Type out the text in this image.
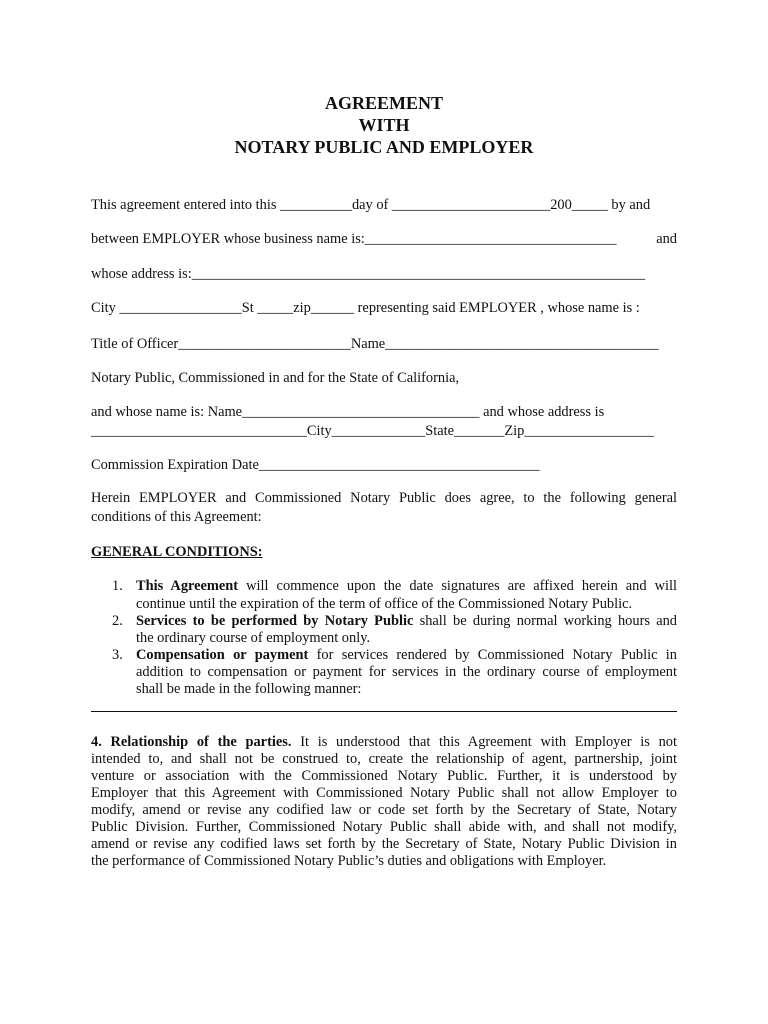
AGREEMENT
WITH
NOTARY PUBLIC AND EMPLOYER
This agreement entered into this __________day of ______________________200_____ by and
between EMPLOYER whose business name is:___________________________________	and
whose address is:_______________________________________________________________
City _________________St _____zip______ representing said EMPLOYER , whose name is :
Title of Officer________________________Name______________________________________
Notary Public, Commissioned in and for the State of California,
and whose name is: Name_________________________________ and whose address is
______________________________City_____________State_______Zip__________________
Commission Expiration Date_______________________________________
Herein EMPLOYER and Commissioned Notary Public does agree, to the following general
conditions of this Agreement:
GENERAL CONDITIONS:
1. This Agreement will commence upon the date signatures are affixed herein and will
continue until the expiration of the term of office of the Commissioned Notary Public.
2. Services to be performed by Notary Public shall be during normal working hours and
the ordinary course of employment only.
3. Compensation or payment for services rendered by Commissioned Notary Public in
addition to compensation or payment for services in the ordinary course of employment
shall be made in the following manner:
4. Relationship of the parties. It is understood that this Agreement with Employer is not
intended to, and shall not be construed to, create the relationship of agent, partnership, joint
venture or association with the Commissioned Notary Public. Further, it is understood by
Employer that this Agreement with Commissioned Notary Public shall not allow Employer to
modify, amend or revise any codified law or code set forth by the Secretary of State, Notary
Public Division. Further, Commissioned Notary Public shall abide with, and shall not modify,
amend or revise any codified laws set forth by the Secretary of State, Notary Public Division in
the performance of Commissioned Notary Public’s duties and obligations with Employer.
